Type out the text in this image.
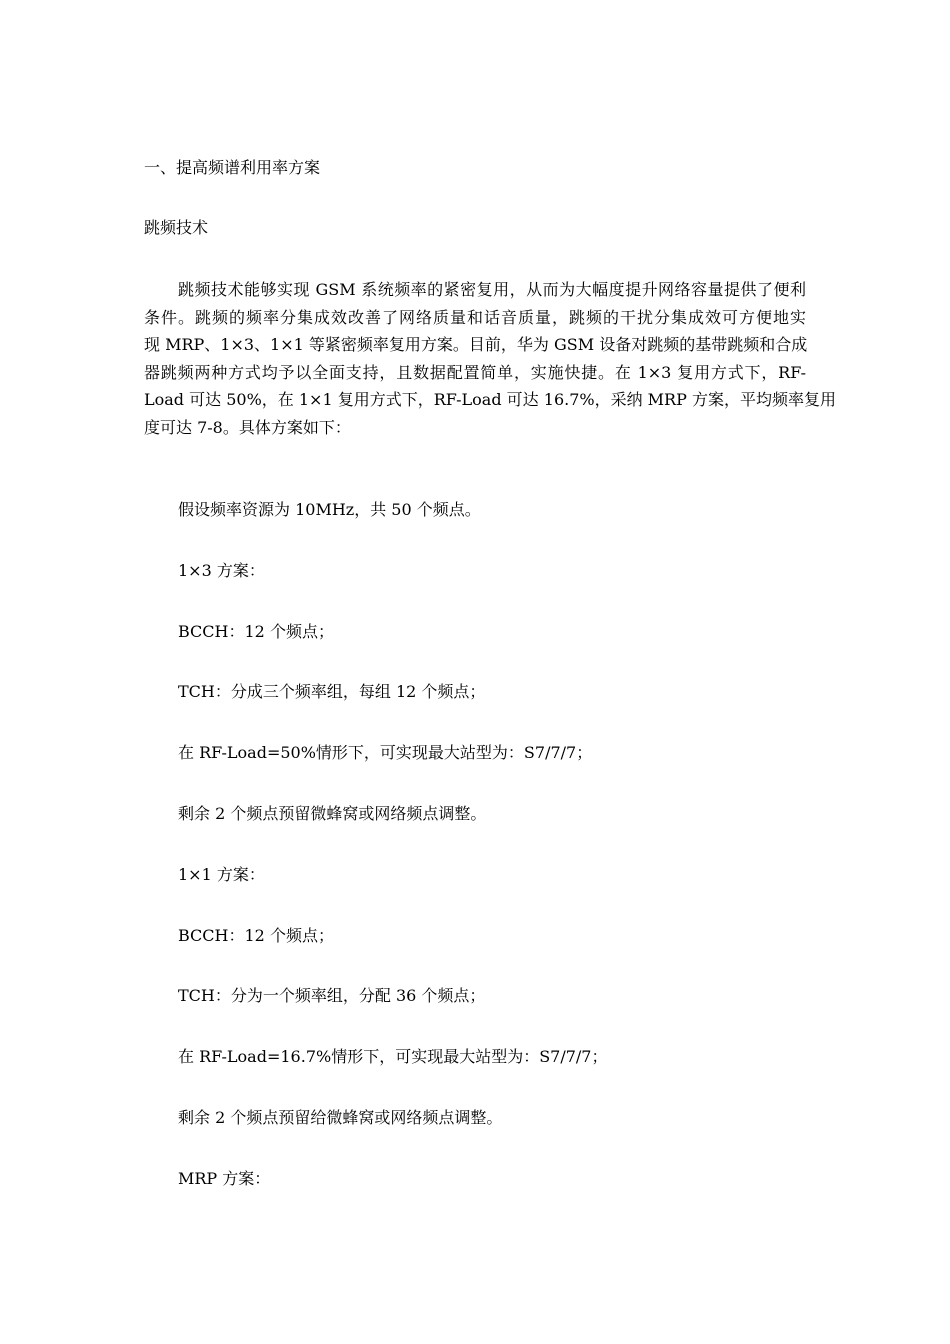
一、提高频谱利用率方案
跳频技术
跳频技术能够实现 GSM 系统频率的紧密复用，从而为大幅度提升网络容量提供了便利
条件。跳频的频率分集成效改善了网络质量和话音质量，跳频的干扰分集成效可方便地实
现 MRP、1×3、1×1 等紧密频率复用方案。目前，华为 GSM 设备对跳频的基带跳频和合成
器跳频两种方式均予以全面支持，且数据配置简单，实施快捷。在 1×3 复用方式下，RF-
Load 可达 50%，在 1×1 复用方式下，RF-Load 可达 16.7%，采纳 MRP 方案，平均频率复用
度可达 7-8。具体方案如下：
假设频率资源为 10MHz，共 50 个频点。
1×3 方案：
BCCH：12 个频点；
TCH：分成三个频率组，每组 12 个频点；
在 RF-Load=50%情形下，可实现最大站型为：S7/7/7；
剩余 2 个频点预留微蜂窝或网络频点调整。
1×1 方案：
BCCH：12 个频点；
TCH：分为一个频率组，分配 36 个频点；
在 RF-Load=16.7%情形下，可实现最大站型为：S7/7/7；
剩余 2 个频点预留给微蜂窝或网络频点调整。
MRP 方案：
